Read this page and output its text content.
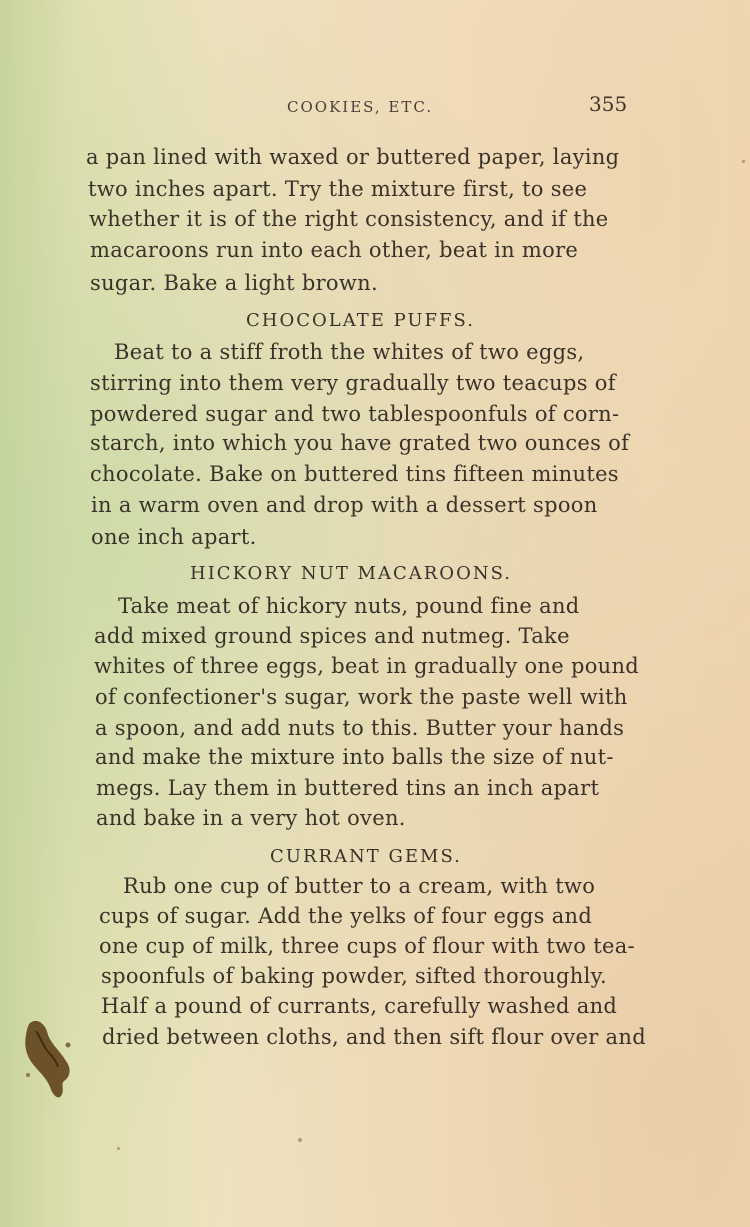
COOKIES, ETC.	355
a pan lined with waxed or buttered paper, laying
two inches apart. Try the mixture first, to see
whether it is of the right consistency, and if the
macaroons run into each other, beat in more
sugar. Bake a light brown.
CHOCOLATE PUFFS.
Beat to a stiff froth the whites of two eggs,
stirring into them very gradually two teacups of
powdered sugar and two tablespoonfuls of corn-
starch, into which you have grated two ounces of
chocolate. Bake on buttered tins fifteen minutes
in a warm oven and drop with a dessert spoon
one inch apart.
HICKORY NUT MACAROONS.
Take meat of hickory nuts, pound fine and
add mixed ground spices and nutmeg. Take
whites of three eggs, beat in gradually one pound
of confectioner's sugar, work the paste well with
a spoon, and add nuts to this. Butter your hands
and make the mixture into balls the size of nut-
megs. Lay them in buttered tins an inch apart
and bake in a very hot oven.
CURRANT GEMS.
Rub one cup of butter to a cream, with two
cups of sugar. Add the yelks of four eggs and
one cup of milk, three cups of flour with two tea-
spoonfuls of baking powder, sifted thoroughly.
Half a pound of currants, carefully washed and
dried between cloths, and then sift flour over and
